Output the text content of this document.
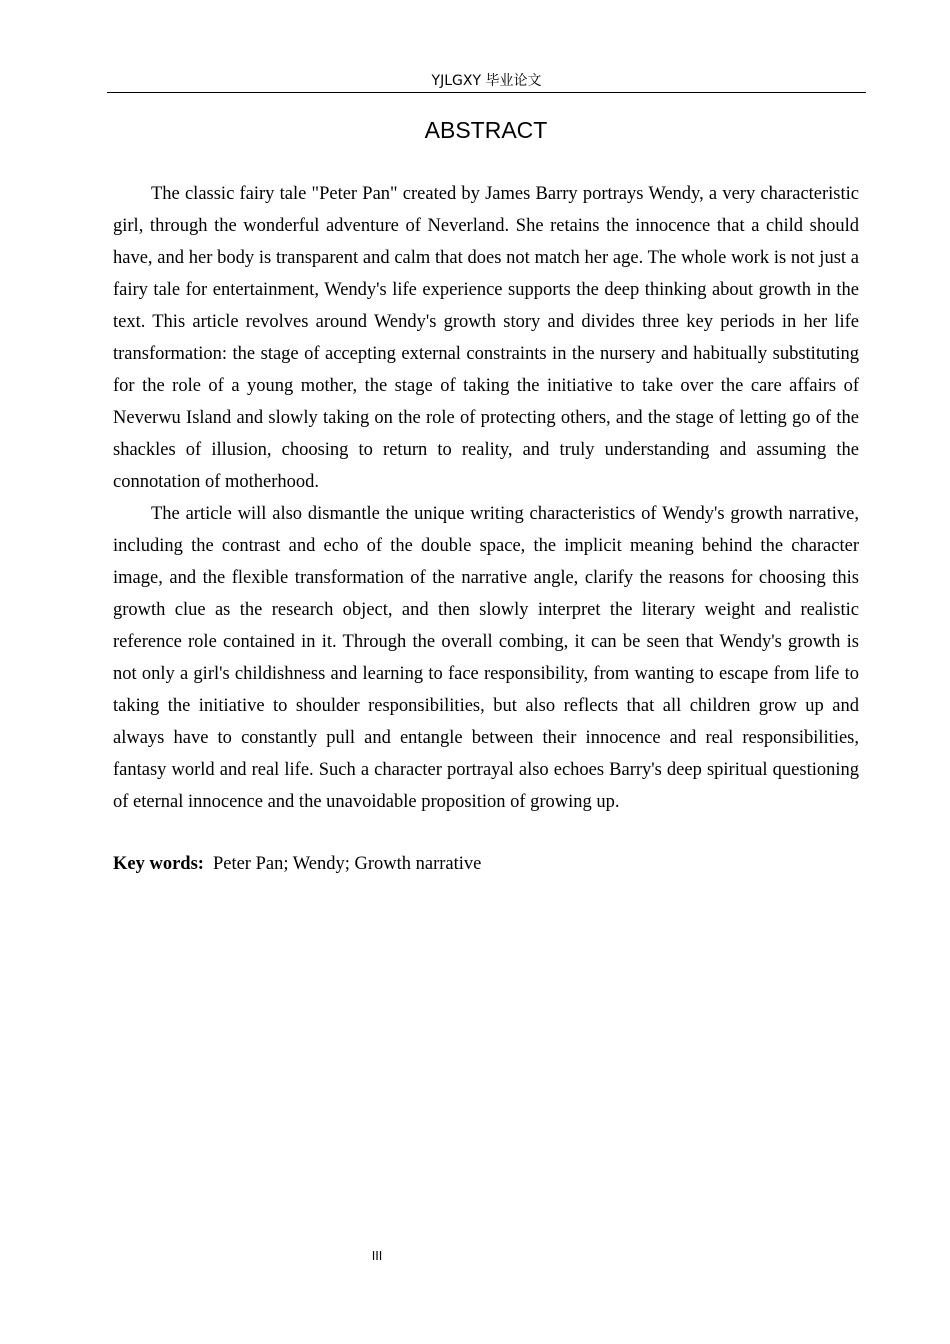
YJLGXY 毕业论文
ABSTRACT

The classic fairy tale "Peter Pan" created by James Barry portrays Wendy, a very characteristic girl, through the wonderful adventure of Neverland. She retains the innocence that a child should have, and her body is transparent and calm that does not match her age. The whole work is not just a fairy tale for entertainment, Wendy's life experience supports the deep thinking about growth in the text. This article revolves around Wendy's growth story and divides three key periods in her life transformation: the stage of accepting external constraints in the nursery and habitually substituting for the role of a young mother, the stage of taking the initiative to take over the care affairs of Neverwu Island and slowly taking on the role of protecting others, and the stage of letting go of the shackles of illusion, choosing to return to reality, and truly understanding and assuming the connotation of motherhood.

The article will also dismantle the unique writing characteristics of Wendy's growth narrative, including the contrast and echo of the double space, the implicit meaning behind the character image, and the flexible transformation of the narrative angle, clarify the reasons for choosing this growth clue as the research object, and then slowly interpret the literary weight and realistic reference role contained in it. Through the overall combing, it can be seen that Wendy's growth is not only a girl's childishness and learning to face responsibility, from wanting to escape from life to taking the initiative to shoulder responsibilities, but also reflects that all children grow up and always have to constantly pull and entangle between their innocence and real responsibilities, fantasy world and real life. Such a character portrayal also echoes Barry's deep spiritual questioning of eternal innocence and the unavoidable proposition of growing up.

Key words: Peter Pan; Wendy; Growth narrative
III
